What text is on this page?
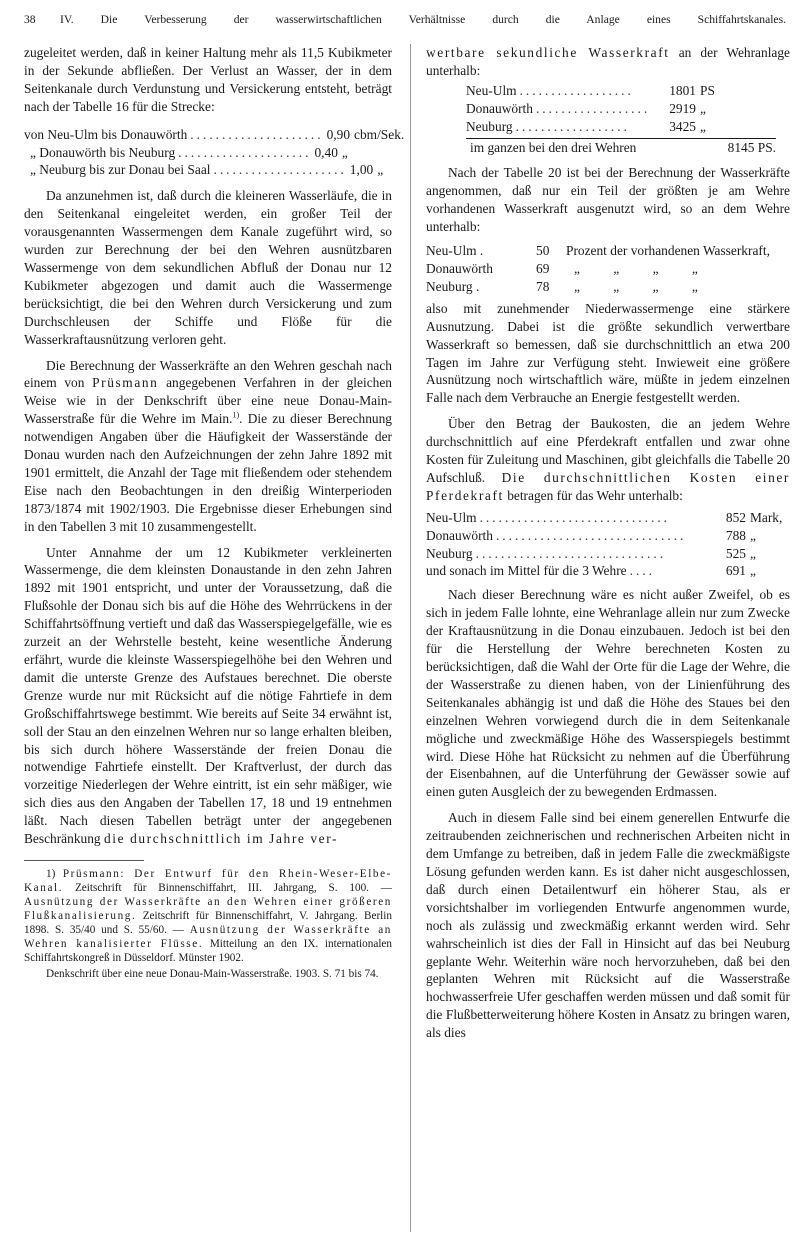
38 IV. Die Verbesserung der wasserwirtschaftlichen Verhältnisse durch die Anlage eines Schiffahrtskanales.

zugeleitet werden, daß in keiner Haltung mehr als 11,5 Kubikmeter in der Sekunde abfließen. Der Verlust an Wasser, der in dem Seitenkanale durch Verdunstung und Versickerung entsteht, beträgt nach der Tabelle 16 für die Strecke:

von Neu-Ulm bis Donauwörth ..................... 0,90 cbm/Sek.
„ Donauwörth bis Neuburg ..................... 0,40 „
„ Neuburg bis zur Donau bei Saal ..................... 1,00 „

Da anzunehmen ist, daß durch die kleineren Wasserläufe, die in den Seitenkanal eingeleitet werden, ein großer Teil der vorausgenannten Wassermengen dem Kanale zugeführt wird, so wurden zur Berechnung der bei den Wehren ausnützbaren Wassermenge von dem sekundlichen Abfluß der Donau nur 12 Kubikmeter abgezogen und damit auch die Wassermenge berücksichtigt, die bei den Wehren durch Versickerung und zum Durchschleusen der Schiffe und Flöße für die Wasserkraftausnützung verloren geht.

Die Berechnung der Wasserkräfte an den Wehren geschah nach einem von Prüsmann angegebenen Verfahren in der gleichen Weise wie in der Denkschrift über eine neue Donau-Main-Wasserstraße für die Wehre im Main.$^{1)}$. Die zu dieser Berechnung notwendigen Angaben über die Häufigkeit der Wasserstände der Donau wurden nach den Aufzeichnungen der zehn Jahre 1892 mit 1901 ermittelt, die Anzahl der Tage mit fließendem oder stehendem Eise nach den Beobachtungen in den dreißig Winterperioden 1873/1874 mit 1902/1903. Die Ergebnisse dieser Erhebungen sind in den Tabellen 3 mit 10 zusammengestellt.

Unter Annahme der um 12 Kubikmeter verkleinerten Wassermenge, die dem kleinsten Donaustande in den zehn Jahren 1892 mit 1901 entspricht, und unter der Voraussetzung, daß die Flußsohle der Donau sich bis auf die Höhe des Wehrrückens in der Schiffahrtsöffnung vertieft und daß das Wasserspiegelgefälle, wie es zurzeit an der Wehrstelle besteht, keine wesentliche Änderung erfährt, wurde die kleinste Wasserspiegelhöhe bei den Wehren und damit die unterste Grenze des Aufstaues berechnet. Die oberste Grenze wurde nur mit Rücksicht auf die nötige Fahrtiefe in dem Großschiffahrtswege bestimmt. Wie bereits auf Seite 34 erwähnt ist, soll der Stau an den einzelnen Wehren nur so lange erhalten bleiben, bis sich durch höhere Wasserstände der freien Donau die notwendige Fahrtiefe einstellt. Der Kraftverlust, der durch das vorzeitige Niederlegen der Wehre eintritt, ist ein sehr mäßiger, wie sich dies aus den Angaben der Tabellen 17, 18 und 19 entnehmen läßt. Nach diesen Tabellen beträgt unter der angegebenen Beschränkung die durchschnittlich im Jahre ver-

1) Prüsmann: Der Entwurf für den Rhein-Weser-Elbe-Kanal. Zeitschrift für Binnenschiffahrt, III. Jahrgang, S. 100. — Ausnützung der Wasserkräfte an den Wehren einer größeren Flußkanalisierung. Zeitschrift für Binnenschiffahrt, V. Jahrgang. Berlin 1898. S. 35/40 und S. 55/60. — Ausnützung der Wasserkräfte an Wehren kanalisierter Flüsse. Mitteilung an den IX. internationalen Schiffahrtskongreß in Düsseldorf. Münster 1902.

Denkschrift über eine neue Donau-Main-Wasserstraße. 1903. S. 71 bis 74.

wertbare sekundliche Wasserkraft an der Wehranlage unterhalb:

Neu-Ulm ..................	1801 PS
Donauwörth ..................	2919 „
Neuburg ..................	3425 „
im ganzen bei den drei Wehren	8145 PS.

Nach der Tabelle 20 ist bei der Berechnung der Wasserkräfte angenommen, daß nur ein Teil der größten je am Wehre vorhandenen Wasserkraft ausgenutzt wird, so an dem Wehre unterhalb:

Neu-Ulm .	50	Prozent der vorhandenen Wasserkraft,
Donauwörth	69	„ „ „ „
Neuburg .	78	„ „ „ „

also mit zunehmender Niederwassermenge eine stärkere Ausnutzung. Dabei ist die größte sekundlich verwertbare Wasserkraft so bemessen, daß sie durchschnittlich an etwa 200 Tagen im Jahre zur Verfügung steht. Inwieweit eine größere Ausnützung noch wirtschaftlich wäre, müßte in jedem einzelnen Falle nach dem Verbrauche an Energie festgestellt werden.

Über den Betrag der Baukosten, die an jedem Wehre durchschnittlich auf eine Pferdekraft entfallen und zwar ohne Kosten für Zuleitung und Maschinen, gibt gleichfalls die Tabelle 20 Aufschluß. Die durchschnittlichen Kosten einer Pferdekraft betragen für das Wehr unterhalb:

Neu-Ulm ..............................	852 Mark,
Donauwörth ..............................	788 „
Neuburg ..............................	525 „
und sonach im Mittel für die 3 Wehre ....	691 „

Nach dieser Berechnung wäre es nicht außer Zweifel, ob es sich in jedem Falle lohnte, eine Wehranlage allein nur zum Zwecke der Kraftausnützung in die Donau einzubauen. Jedoch ist bei den für die Herstellung der Wehre berechneten Kosten zu berücksichtigen, daß die Wahl der Orte für die Lage der Wehre, die der Wasserstraße zu dienen haben, von der Linienführung des Seitenkanales abhängig ist und daß die Höhe des Staues bei den einzelnen Wehren vorwiegend durch die in dem Seitenkanale mögliche und zweckmäßige Höhe des Wasserspiegels bestimmt wird. Diese Höhe hat Rücksicht zu nehmen auf die Überführung der Eisenbahnen, auf die Unterführung der Gewässer sowie auf einen guten Ausgleich der zu bewegenden Erdmassen.

Auch in diesem Falle sind bei einem generellen Entwurfe die zeitraubenden zeichnerischen und rechnerischen Arbeiten nicht in dem Umfange zu betreiben, daß in jedem Falle die zweckmäßigste Lösung gefunden werden kann. Es ist daher nicht ausgeschlossen, daß durch einen Detailentwurf ein höherer Stau, als er vorsichtshalber im vorliegenden Entwurfe angenommen wurde, noch als zulässig und zweckmäßig erkannt werden wird. Sehr wahrscheinlich ist dies der Fall in Hinsicht auf das bei Neuburg geplante Wehr. Weiterhin wäre noch hervorzuheben, daß bei den geplanten Wehren mit Rücksicht auf die Wasserstraße hochwasserfreie Ufer geschaffen werden müssen und daß somit für die Flußbetterweiterung höhere Kosten in Ansatz zu bringen waren, als dies
